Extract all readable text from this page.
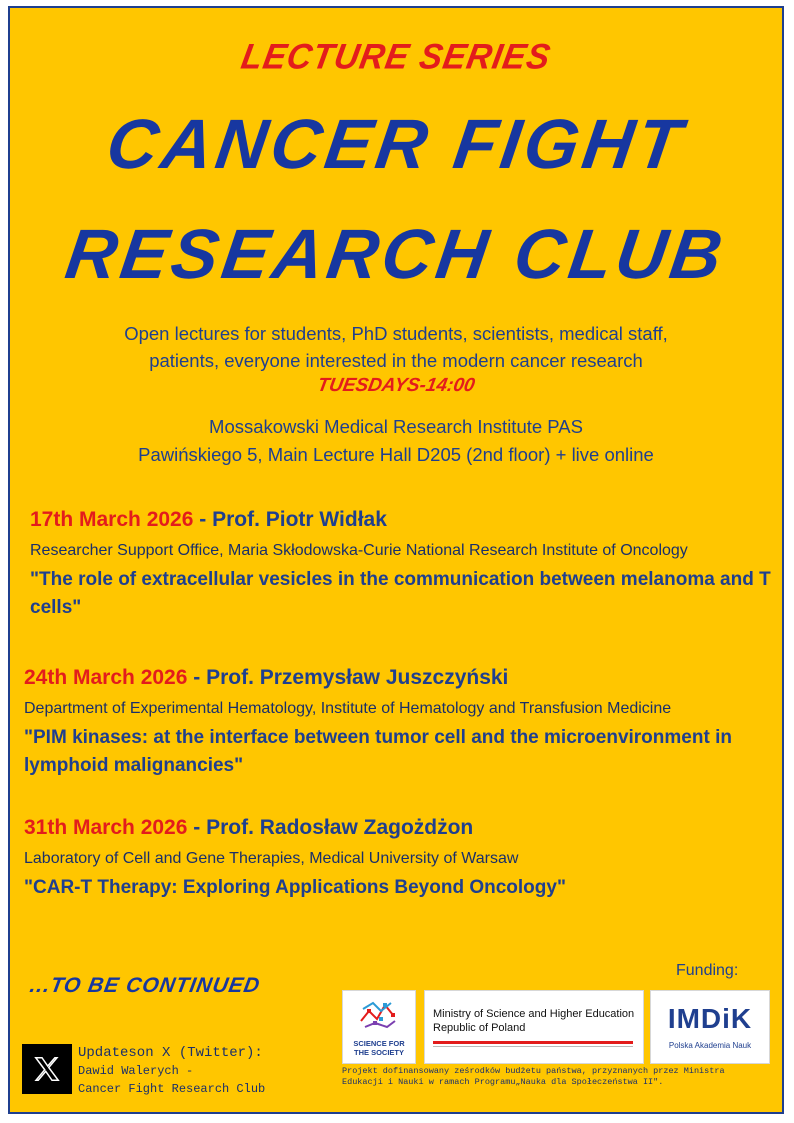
LECTURE SERIES
CANCER FIGHT
RESEARCH CLUB
Open lectures for students, PhD students, scientists, medical staff,
patients, everyone interested in the modern cancer research
TUESDAYS-14:00
Mossakowski Medical Research Institute PAS
Pawińskiego 5, Main Lecture Hall D205 (2nd floor) + live online
17th March 2026 - Prof. Piotr Widłak
Researcher Support Office, Maria Skłodowska-Curie National Research Institute of Oncology
"The role of extracellular vesicles in the communication between melanoma and T cells"
24th March 2026 - Prof. Przemysław Juszczyński
Department of Experimental Hematology, Institute of Hematology and Transfusion Medicine
"PIM kinases: at the interface between tumor cell and the microenvironment in lymphoid malignancies"
31th March 2026 - Prof. Radosław Zagożdżon
Laboratory of Cell and Gene Therapies, Medical University of Warsaw
"CAR-T Therapy: Exploring Applications Beyond Oncology"
...TO BE CONTINUED
Funding:
Updateson X (Twitter):
Dawid Walerych -
Cancer Fight Research Club
SCIENCE FOR
THE SOCIETY
Ministry of Science and Higher Education
Republic of Poland	IMDiK
Polska Akademia Nauk
Projekt dofinansowany ześrodków budżetu państwa, przyznanych przez Ministra
Edukacji i Nauki w ramach Programu„Nauka dla Społeczeństwa II".
